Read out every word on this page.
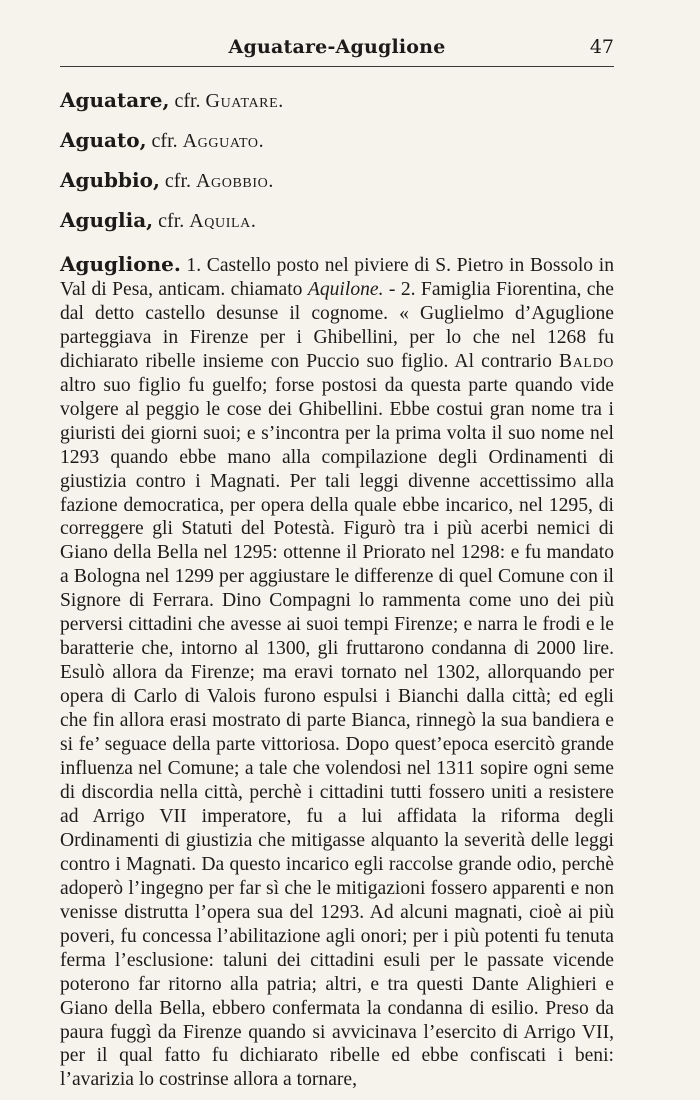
Aguatare-Aguglione	47
Aguatare, cfr. Guatare.
Aguato, cfr. Agguato.
Agubbio, cfr. Agobbio.
Aguglia, cfr. Aquila.

Aguglione. 1. Castello posto nel piviere di S. Pietro in Bossolo in Val di Pesa, anticam. chiamato Aquilone. - 2. Famiglia Fiorentina, che dal detto castello desunse il cognome. « Guglielmo d’Aguglione parteggiava in Firenze per i Ghibellini, per lo che nel 1268 fu dichiarato ribelle insieme con Puccio suo figlio. Al contrario Baldo altro suo figlio fu guelfo; forse postosi da questa parte quando vide volgere al peggio le cose dei Ghibellini. Ebbe costui gran nome tra i giuristi dei giorni suoi; e s’incontra per la prima volta il suo nome nel 1293 quando ebbe mano alla compilazione degli Ordinamenti di giustizia contro i Magnati. Per tali leggi divenne accettissimo alla fazione democratica, per opera della quale ebbe incarico, nel 1295, di correggere gli Statuti del Potestà. Figurò tra i più acerbi nemici di Giano della Bella nel 1295: ottenne il Priorato nel 1298: e fu mandato a Bologna nel 1299 per aggiustare le differenze di quel Comune con il Signore di Ferrara. Dino Compagni lo rammenta come uno dei più perversi cittadini che avesse ai suoi tempi Firenze; e narra le frodi e le baratterie che, intorno al 1300, gli fruttarono condanna di 2000 lire. Esulò allora da Firenze; ma eravi tornato nel 1302, allorquando per opera di Carlo di Valois furono espulsi i Bianchi dalla città; ed egli che fin allora erasi mostrato di parte Bianca, rinnegò la sua bandiera e si fe’ seguace della parte vittoriosa. Dopo quest’epoca esercitò grande influenza nel Comune; a tale che volendosi nel 1311 sopire ogni seme di discordia nella città, perchè i cittadini tutti fossero uniti a resistere ad Arrigo VII imperatore, fu a lui affidata la riforma degli Ordinamenti di giustizia che mitigasse alquanto la severità delle leggi contro i Magnati. Da questo incarico egli raccolse grande odio, perchè adoperò l’ingegno per far sì che le mitigazioni fossero apparenti e non venisse distrutta l’opera sua del 1293. Ad alcuni magnati, cioè ai più poveri, fu concessa l’abilitazione agli onori; per i più potenti fu tenuta ferma l’esclusione: taluni dei cittadini esuli per le passate vicende poterono far ritorno alla patria; altri, e tra questi Dante Alighieri e Giano della Bella, ebbero confermata la condanna di esilio. Preso da paura fuggì da Firenze quando si avvicinava l’esercito di Arrigo VII, per il qual fatto fu dichiarato ribelle ed ebbe confiscati i beni: l’avarizia lo costrinse allora a tornare,
